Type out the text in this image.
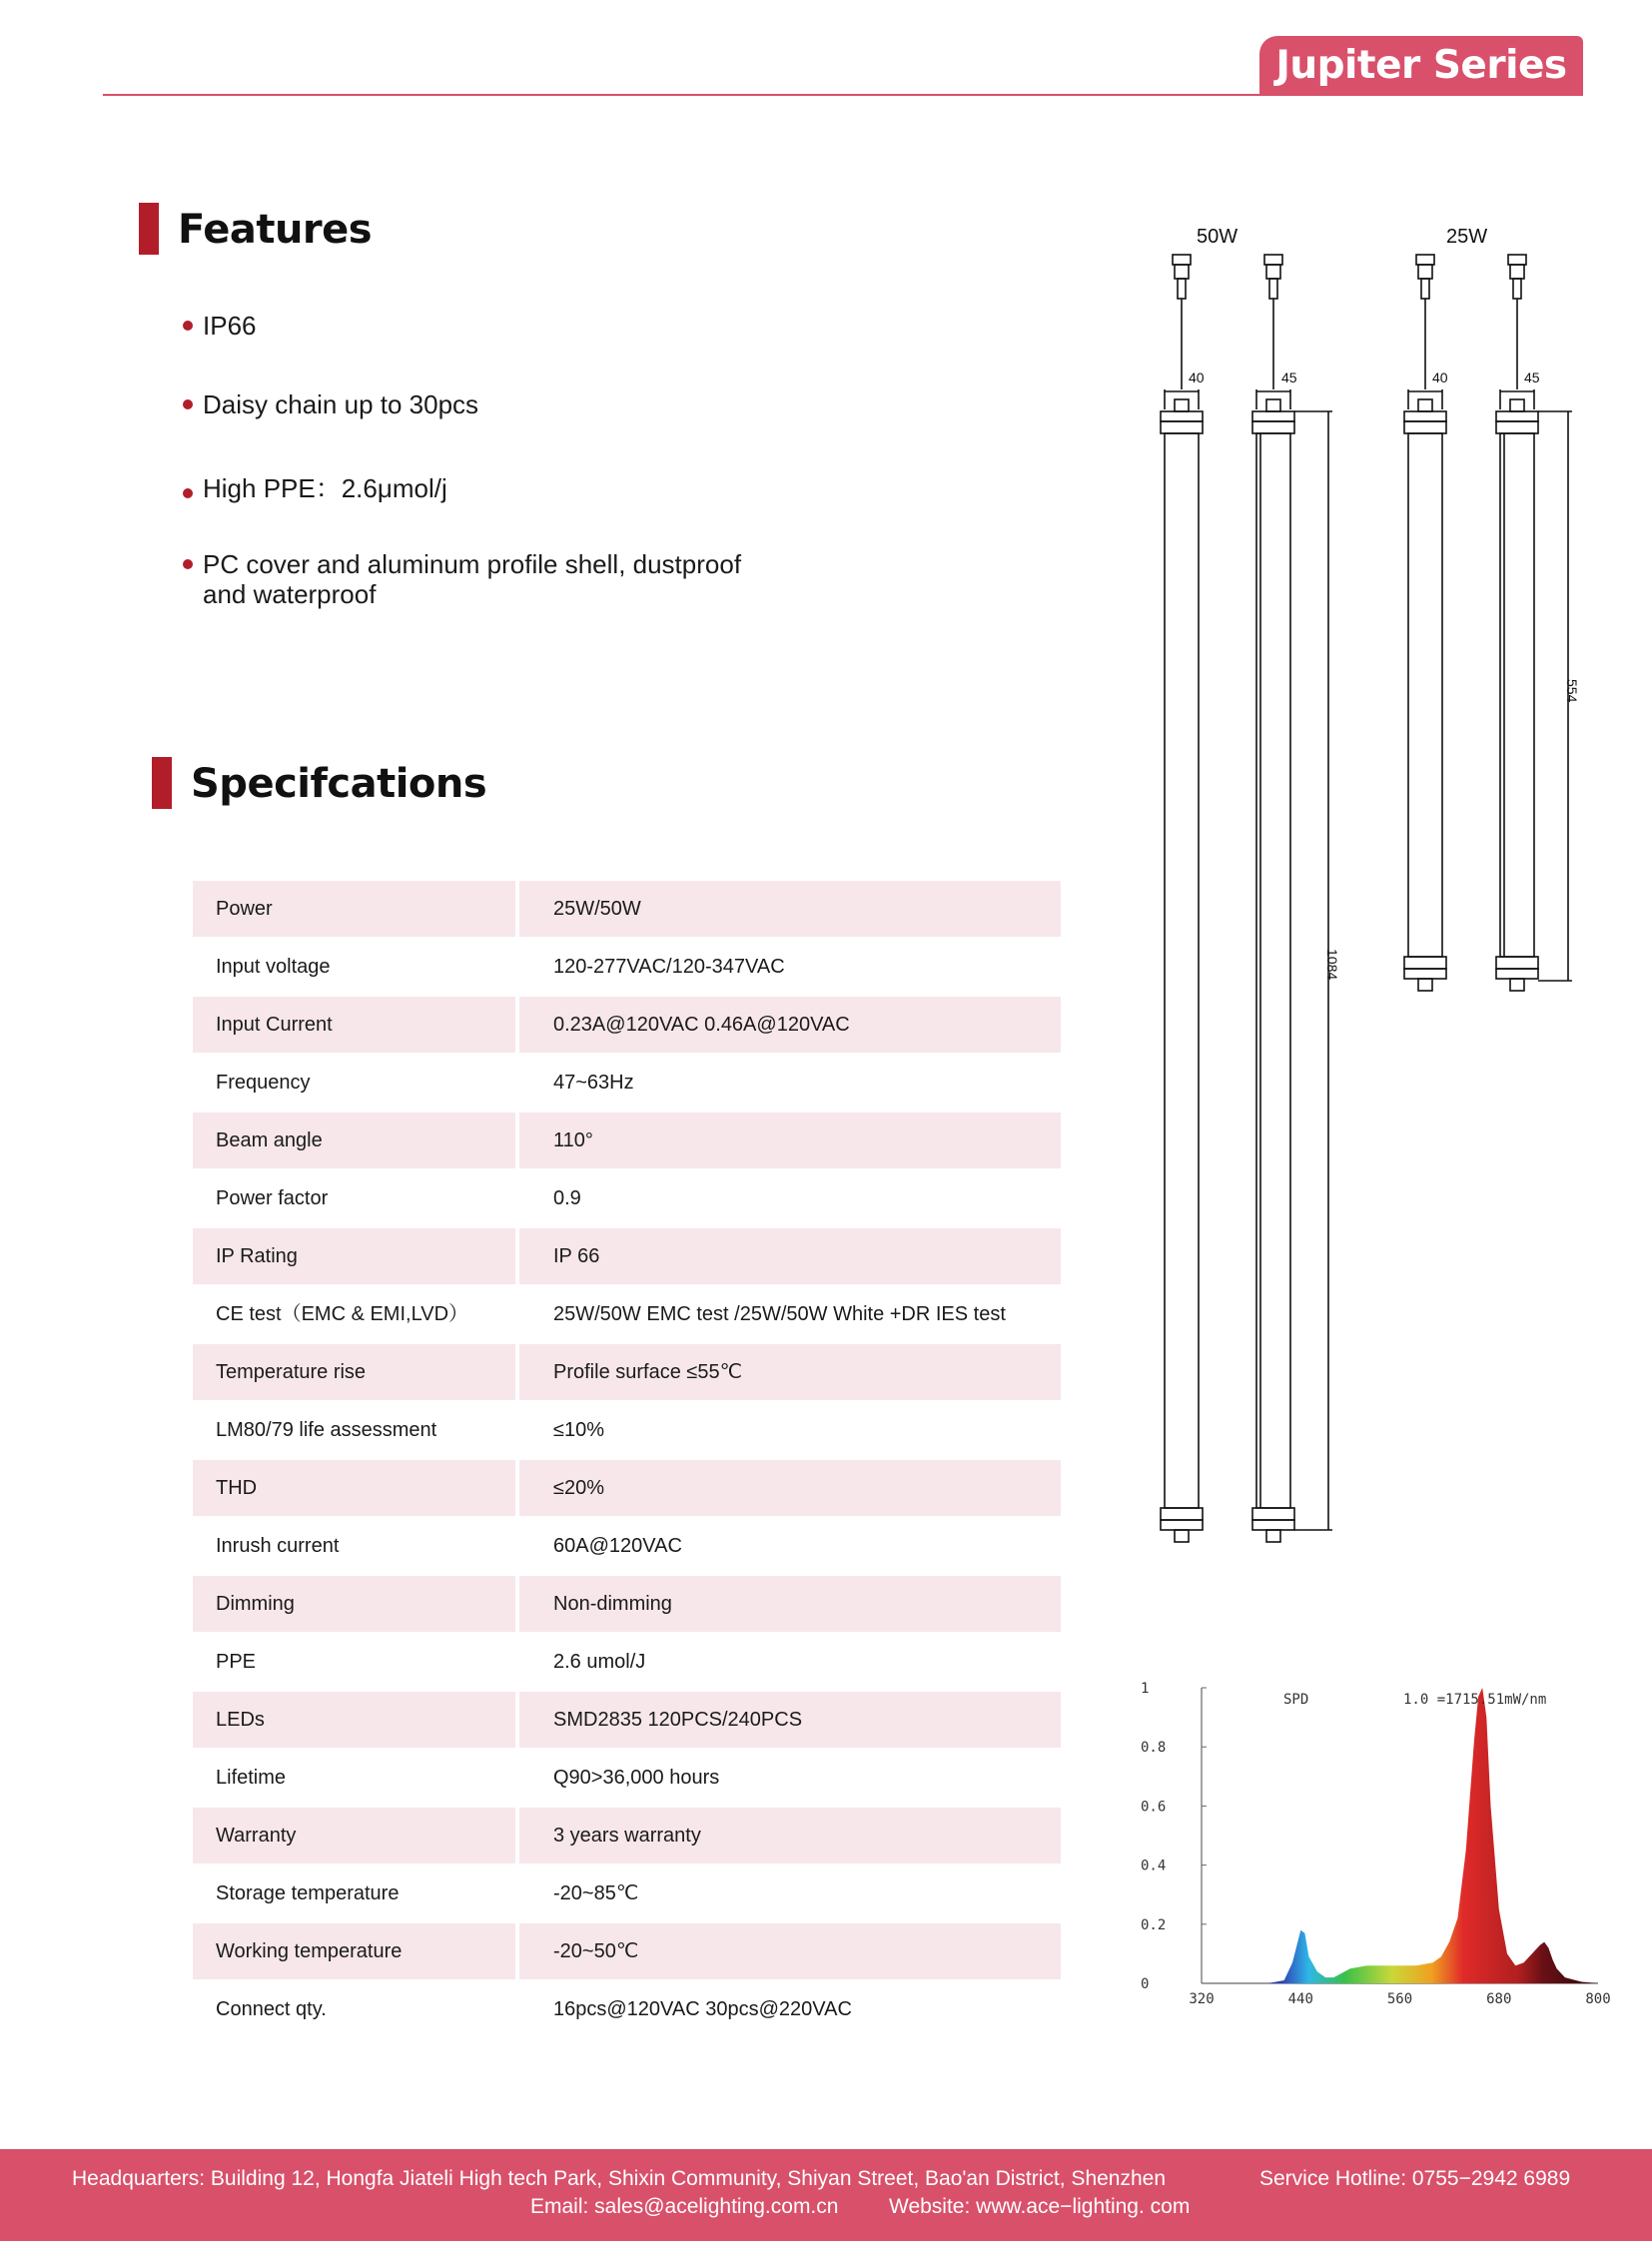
Jupiter Series
Features
IP66
Daisy chain up to 30pcs
High PPE：2.6μmol/j
PC cover and aluminum profile shell, dustproof
and waterproof
Specifcations
Power	25W/50W
Input voltage	120-277VAC/120-347VAC
Input Current	0.23A@120VAC 0.46A@120VAC
Frequency	47~63Hz
Beam angle	110°
Power factor	0.9
IP Rating	IP 66
CE test（EMC & EMI,LVD）	25W/50W EMC test /25W/50W White +DR IES test
Temperature rise	Profile surface ≤55℃
LM80/79 life assessment	≤10%
THD	≤20%
Inrush current	60A@120VAC
Dimming	Non-dimming
PPE	2.6 umol/J
LEDs	SMD2835 120PCS/240PCS
Lifetime	Q90>36,000 hours
Warranty	3 years warranty
Storage temperature	-20~85℃
Working temperature	-20~50℃
Connect qty.	16pcs@120VAC 30pcs@220VAC
50W	25W
40	45	40	45
1084
554
0
0.2
0.4
0.6
0.8
1
320	440	560	680	800
SPD	1.0 =1715.51mW/nm
Headquarters: Building 12, Hongfa Jiateli High tech Park, Shixin Community, Shiyan Street, Bao'an District, Shenzhen	Service Hotline: 0755−2942 6989
Email: sales@acelighting.com.cn Website: www.ace−lighting. com
